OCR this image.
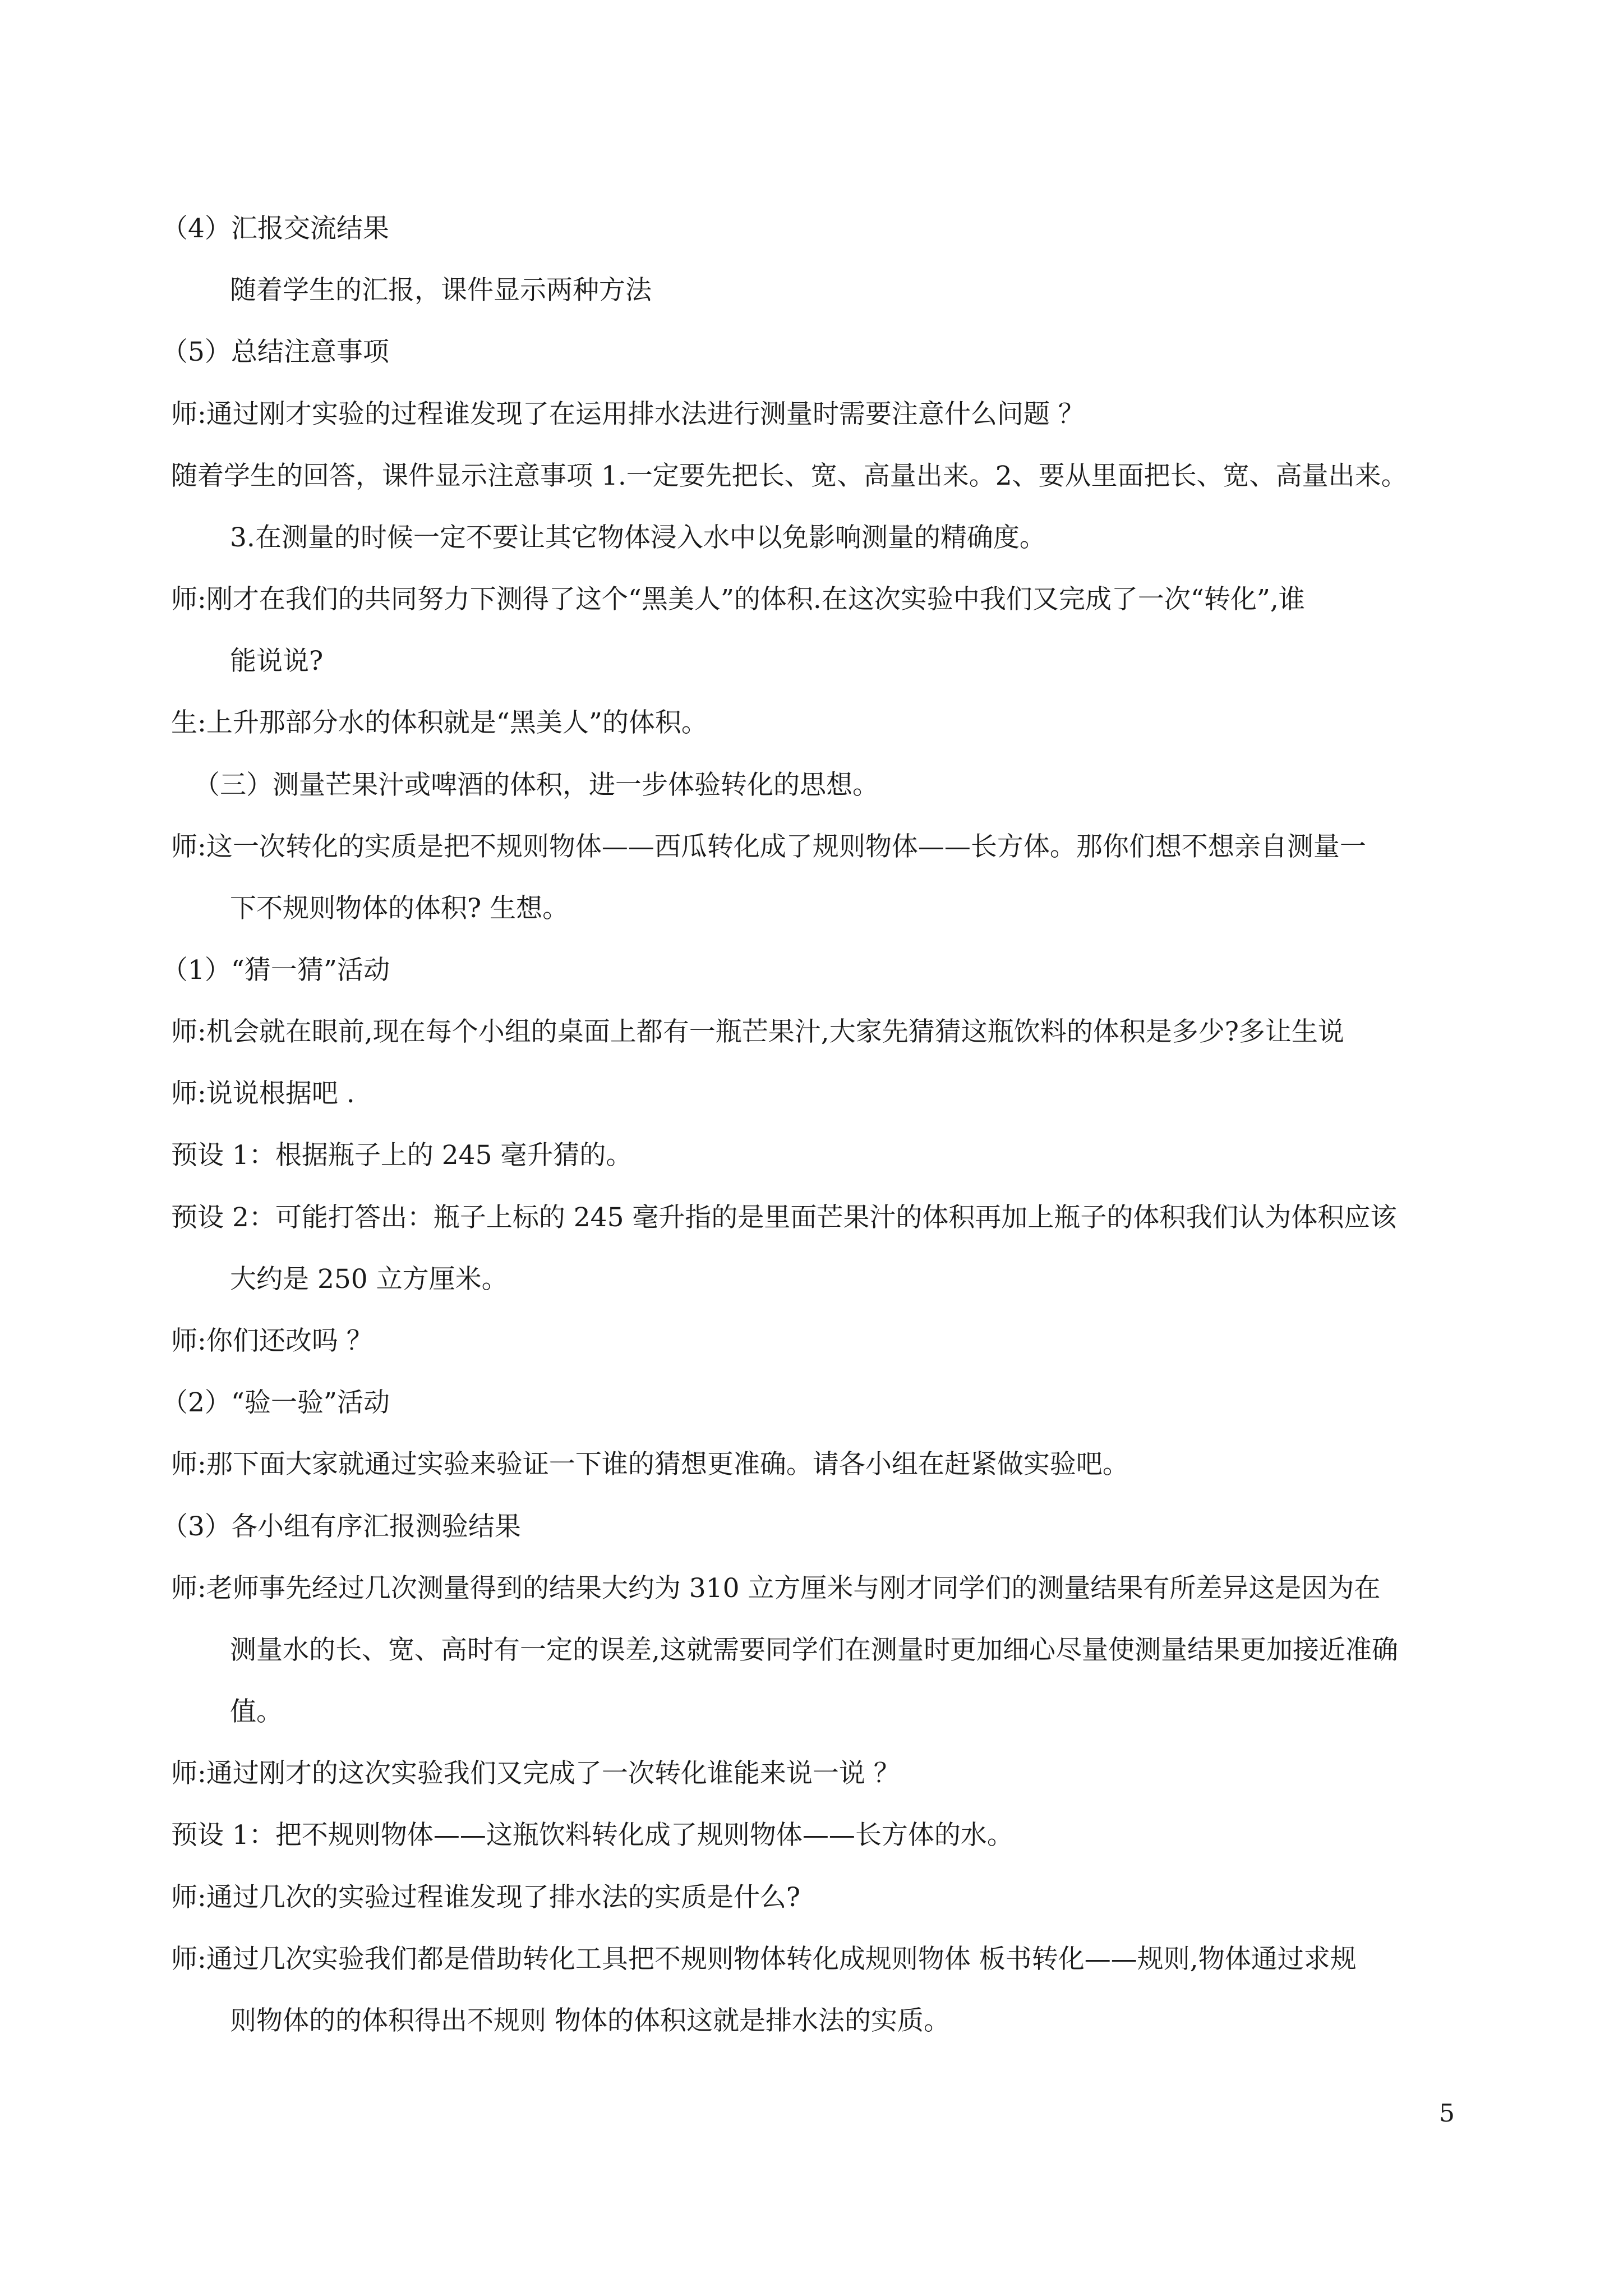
（4）汇报交流结果
随着学生的汇报，课件显示两种方法
（5）总结注意事项
师:通过刚才实验的过程谁发现了在运用排水法进行测量时需要注意什么问题 ？
随着学生的回答，课件显示注意事项 1.一定要先把长、宽、高量出来。2、要从里面把长、宽、高量出来。
3.在测量的时候一定不要让其它物体浸入水中以免影响测量的精确度。
师:刚才在我们的共同努力下测得了这个“黑美人”的体积.在这次实验中我们又完成了一次“转化”,谁
能说说?
生:上升那部分水的体积就是“黑美人”的体积。
（三）测量芒果汁或啤酒的体积，进一步体验转化的思想。
师:这一次转化的实质是把不规则物体——西瓜转化成了规则物体——长方体。那你们想不想亲自测量一
下不规则物体的体积? 生想。
（1）“猜一猜”活动
师:机会就在眼前,现在每个小组的桌面上都有一瓶芒果汁,大家先猜猜这瓶饮料的体积是多少?多让生说
师:说说根据吧 .
预设 1：根据瓶子上的 245 毫升猜的。
预设 2：可能打答出：瓶子上标的 245 毫升指的是里面芒果汁的体积再加上瓶子的体积我们认为体积应该
大约是 250 立方厘米。
师:你们还改吗 ？
（2）“验一验”活动
师:那下面大家就通过实验来验证一下谁的猜想更准确。请各小组在赶紧做实验吧。
（3）各小组有序汇报测验结果
师:老师事先经过几次测量得到的结果大约为 310 立方厘米与刚才同学们的测量结果有所差异这是因为在
测量水的长、宽、高时有一定的误差,这就需要同学们在测量时更加细心尽量使测量结果更加接近准确
值。
师:通过刚才的这次实验我们又完成了一次转化谁能来说一说 ？
预设 1：把不规则物体——这瓶饮料转化成了规则物体——长方体的水。
师:通过几次的实验过程谁发现了排水法的实质是什么?
师:通过几次实验我们都是借助转化工具把不规则物体转化成规则物体 板书转化——规则,物体通过求规
则物体的的体积得出不规则 物体的体积这就是排水法的实质。
5
